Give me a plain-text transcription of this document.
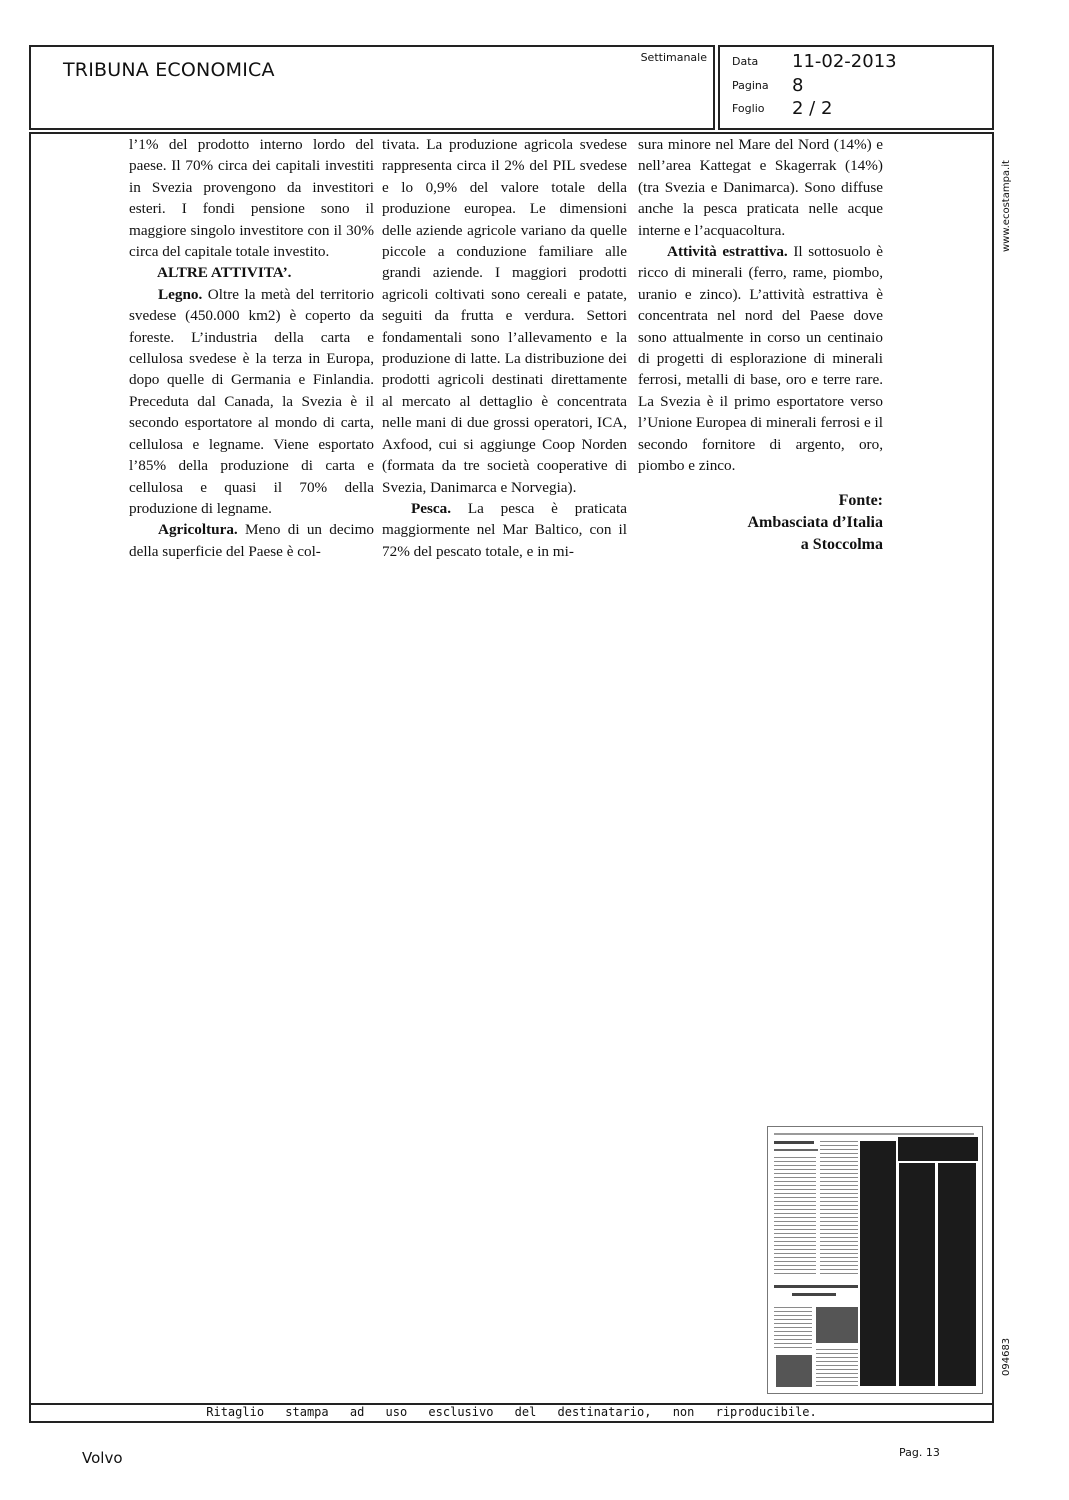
TRIBUNA ECONOMICA
Settimanale Data 11-02-2013
Pagina 8
Foglio 2 / 2
Ritaglio stampa ad uso esclusivo del destinatario, non riproducibile.

l’1% del prodotto interno lordo del paese. Il 70% circa dei capitali investiti in Svezia provengono da investitori esteri. I fondi pensione sono il maggiore singolo investitore con il 30% circa del capitale totale investito.

ALTRE ATTIVITA’.

Legno. Oltre la metà del territorio svedese (450.000 km2) è coperto da foreste. L’industria della carta e cellulosa svedese è la terza in Europa, dopo quelle di Germania e Finlandia. Preceduta dal Canada, la Svezia è il secondo esportatore al mondo di carta, cellulosa e legname. Viene esportato l’85% della produzione di carta e cellulosa e quasi il 70% della produzione di legname.

Agricoltura. Meno di un decimo della superficie del Paese è col-

tivata. La produzione agricola svedese rappresenta circa il 2% del PIL svedese e lo 0,9% del valore totale della produzione europea. Le dimensioni delle aziende agricole variano da quelle piccole a conduzione familiare alle grandi aziende. I maggiori prodotti agricoli coltivati sono cereali e patate, seguiti da frutta e verdura. Settori fondamentali sono l’allevamento e la produzione di latte. La distribuzione dei prodotti agricoli destinati direttamente al mercato al dettaglio è concentrata nelle mani di due grossi operatori, ICA, Axfood, cui si aggiunge Coop Norden (formata da tre società cooperative di Svezia, Danimarca e Norvegia).

Pesca. La pesca è praticata maggiormente nel Mar Baltico, con il 72% del pescato totale, e in mi-

sura minore nel Mare del Nord (14%) e nell’area Kattegat e Skagerrak (14%) (tra Svezia e Danimarca). Sono diffuse anche la pesca praticata nelle acque interne e l’acquacoltura.

Attività estrattiva. Il sottosuolo è ricco di minerali (ferro, rame, piombo, uranio e zinco). L’attività estrattiva è concentrata nel nord del Paese dove sono attualmente in corso un centinaio di progetti di esplorazione di minerali ferrosi, metalli di base, oro e terre rare. La Svezia è il primo esportatore verso l’Unione Europea di minerali ferrosi e il secondo fornitore di argento, oro, piombo e zinco.

Fonte:
Ambasciata d’Italia
a Stoccolma
www.ecostampa.it
094683
Volvo	Pag. 13
